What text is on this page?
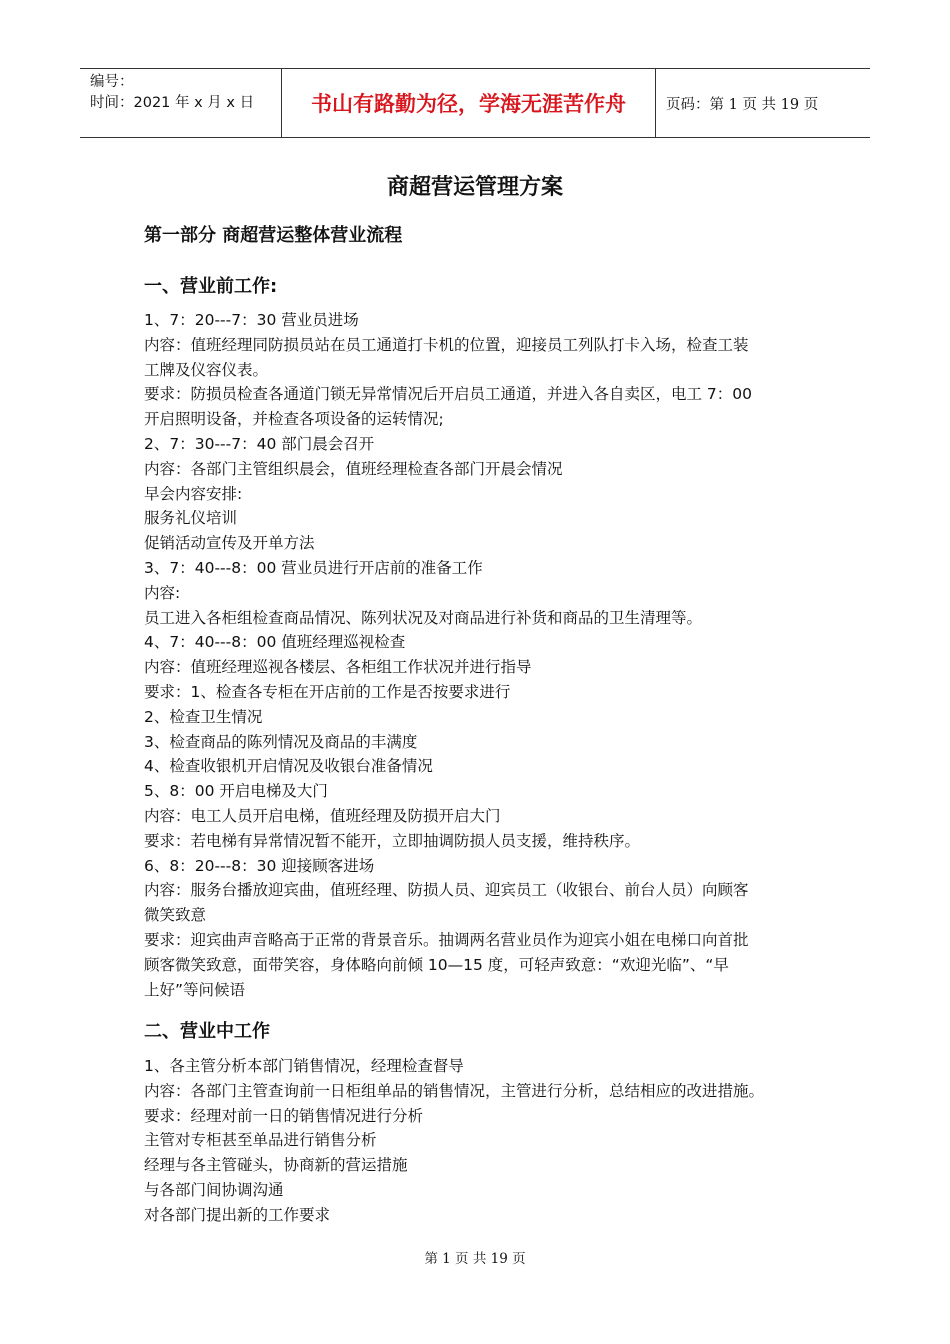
编号：
时间：2021 年 x 月 x 日	书山有路勤为径，学海无涯苦作舟	页码：第 1 页 共 19 页
商超营运管理方案
第一部分 商超营运整体营业流程
一、营业前工作:
1、7：20---7：30 营业员进场
内容：值班经理同防损员站在员工通道打卡机的位置，迎接员工列队打卡入场，检查工装
工牌及仪容仪表。
要求：防损员检查各通道门锁无异常情况后开启员工通道，并进入各自卖区，电工 7：00
开启照明设备，并检查各项设备的运转情况;
2、7：30---7：40 部门晨会召开
内容：各部门主管组织晨会，值班经理检查各部门开晨会情况
早会内容安排:
服务礼仪培训
促销活动宣传及开单方法
3、7：40---8：00 营业员进行开店前的准备工作
内容:
员工进入各柜组检查商品情况、陈列状况及对商品进行补货和商品的卫生清理等。
4、7：40---8：00 值班经理巡视检查
内容：值班经理巡视各楼层、各柜组工作状况并进行指导
要求：1、检查各专柜在开店前的工作是否按要求进行
2、检查卫生情况
3、检查商品的陈列情况及商品的丰满度
4、检查收银机开启情况及收银台准备情况
5、8：00 开启电梯及大门
内容：电工人员开启电梯，值班经理及防损开启大门
要求：若电梯有异常情况暂不能开，立即抽调防损人员支援，维持秩序。
6、8：20---8：30 迎接顾客进场
内容：服务台播放迎宾曲，值班经理、防损人员、迎宾员工（收银台、前台人员）向顾客
微笑致意
要求：迎宾曲声音略高于正常的背景音乐。抽调两名营业员作为迎宾小姐在电梯口向首批
顾客微笑致意，面带笑容，身体略向前倾 10—15 度，可轻声致意：“欢迎光临”、“早
上好”等问候语
二、营业中工作
1、各主管分析本部门销售情况，经理检查督导
内容：各部门主管查询前一日柜组单品的销售情况，主管进行分析，总结相应的改进措施。
要求：经理对前一日的销售情况进行分析
主管对专柜甚至单品进行销售分析
经理与各主管碰头，协商新的营运措施
与各部门间协调沟通
对各部门提出新的工作要求
第 1 页 共 19 页
